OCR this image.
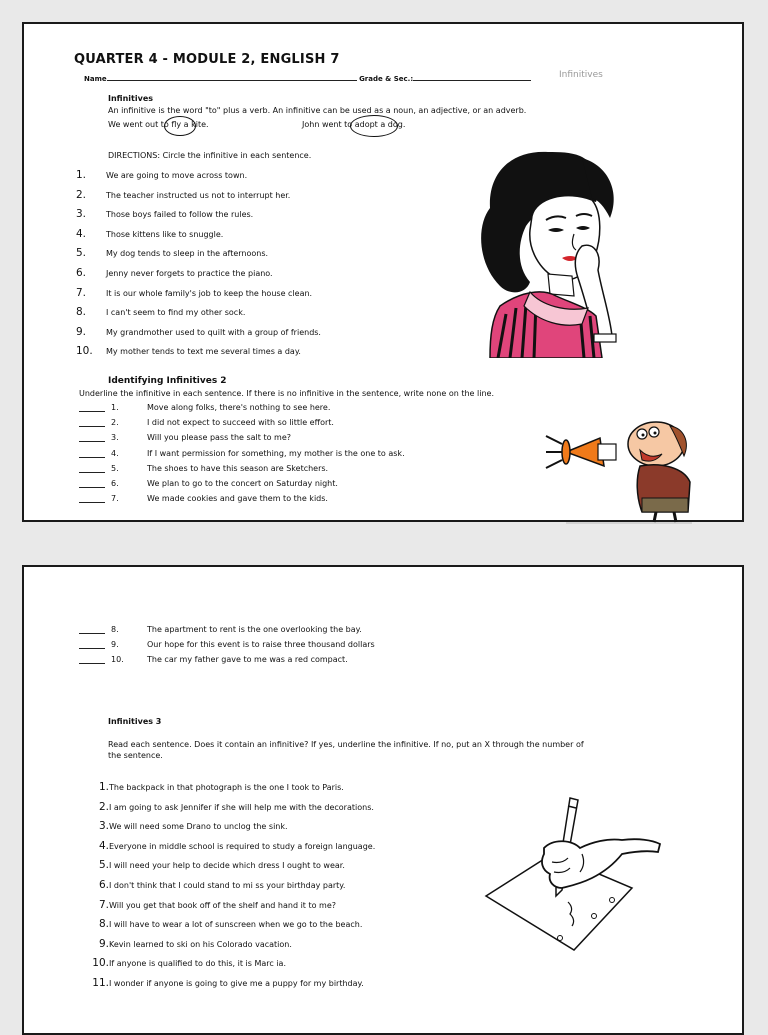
QUARTER 4 - MODULE 2, ENGLISH 7
Name	Grade & Sec.:	Infinitives
Infinitives
An infinitive is the word "to" plus a verb. An infinitive can be used as a noun, an adjective, or an adverb.
We went out to fly a kite.	John went to adopt a dog.
DIRECTIONS: Circle the infinitive in each sentence.
1.	We are going to move across town.
2.	The teacher instructed us not to interrupt her.
3.	Those boys failed to follow the rules.
4.	Those kittens like to snuggle.
5.	My dog tends to sleep in the afternoons.
6.	Jenny never forgets to practice the piano.
7.	It is our whole family's job to keep the house clean.
8.	I can't seem to find my other sock.
9.	My grandmother used to quilt with a group of friends.
10.	My mother tends to text me several times a day.
Identifying Infinitives 2
Underline the infinitive in each sentence. If there is no infinitive in the sentence, write none on the line.
1.	Move along folks, there's nothing to see here.
2.	I did not expect to succeed with so little effort.
3.	Will you please pass the salt to me?
4.	If I want permission for something, my mother is the one to ask.
5.	The shoes to have this season are Sketchers.
6.	We plan to go to the concert on Saturday night.
7.	We made cookies and gave them to the kids.
8.	The apartment to rent is the one overlooking the bay.
9.	Our hope for this event is to raise three thousand dollars
10.	The car my father gave to me was a red compact.
Infinitives 3
Read each sentence. Does it contain an infinitive? If yes, underline the infinitive. If no, put an X through the number of the sentence.
1. The backpack in that photograph is the one I took to Paris.
2. I am going to ask Jennifer if she will help me with the decorations.
3. We will need some Drano to unclog the sink.
4. Everyone in middle school is required to study a foreign language.
5. I will need your help to decide which dress I ought to wear.
6. I don't think that I could stand to mi ss your birthday party.
7. Will you get that book off of the shelf and hand it to me?
8. I will have to wear a lot of sunscreen when we go to the beach.
9. Kevin learned to ski on his Colorado vacation.
10. If anyone is qualified to do this, it is Marc ia.
11. I wonder if anyone is going to give me a puppy for my birthday.
